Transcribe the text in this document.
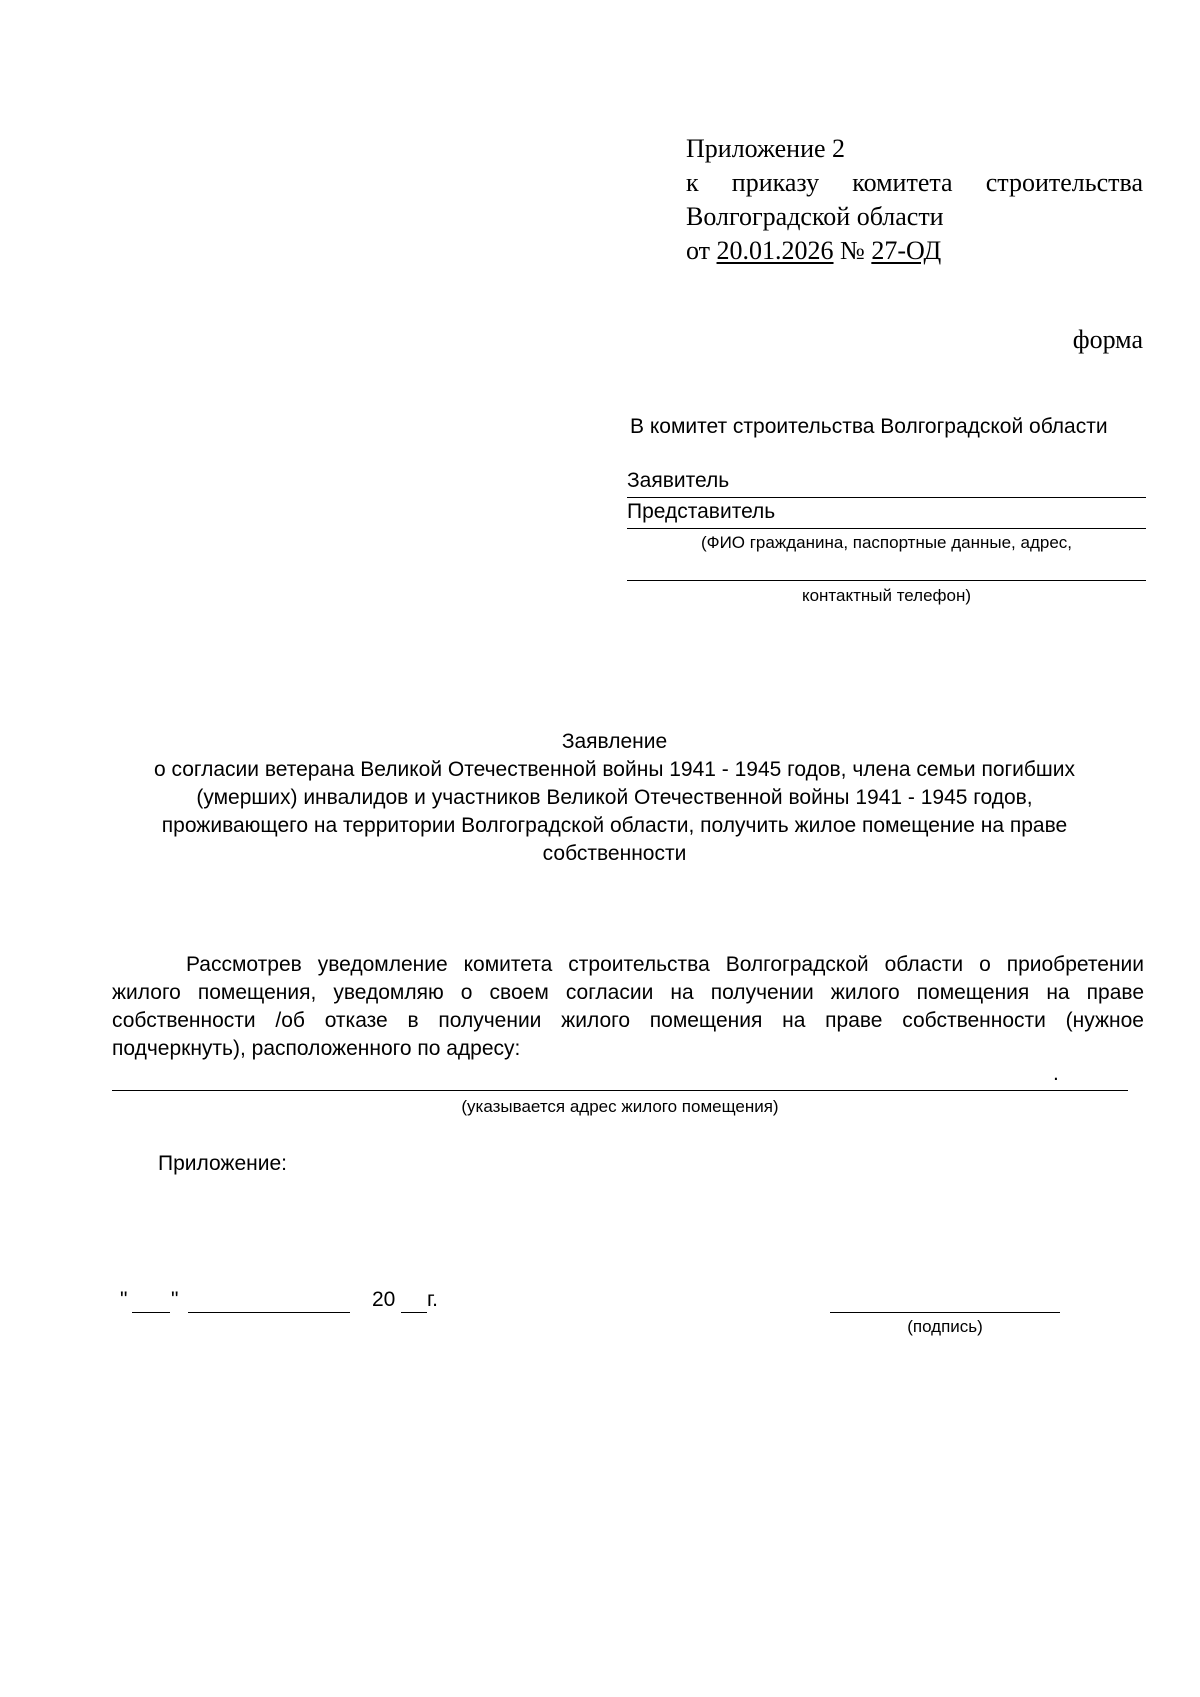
Приложение 2
к приказу комитета строительства
Волгоградской области
от 20.01.2026 № 27-ОД
форма
В комитет строительства Волгоградской области
Заявитель
Представитель
(ФИО гражданина, паспортные данные, адрес,
контактный телефон)
Заявление
о согласии ветерана Великой Отечественной войны 1941 - 1945 годов, члена семьи погибших
(умерших) инвалидов и участников Великой Отечественной войны 1941 - 1945 годов,
проживающего на территории Волгоградской области, получить жилое помещение на праве
собственности
Рассмотрев уведомление комитета строительства Волгоградской области о приобретении жилого помещения, уведомляю о своем согласии на получении жилого помещения на праве собственности /об отказе в получении жилого помещения на праве собственности (нужное подчеркнуть), расположенного по адресу:
.
(указывается адрес жилого помещения)
Приложение:
" "	20 г.
(подпись)
